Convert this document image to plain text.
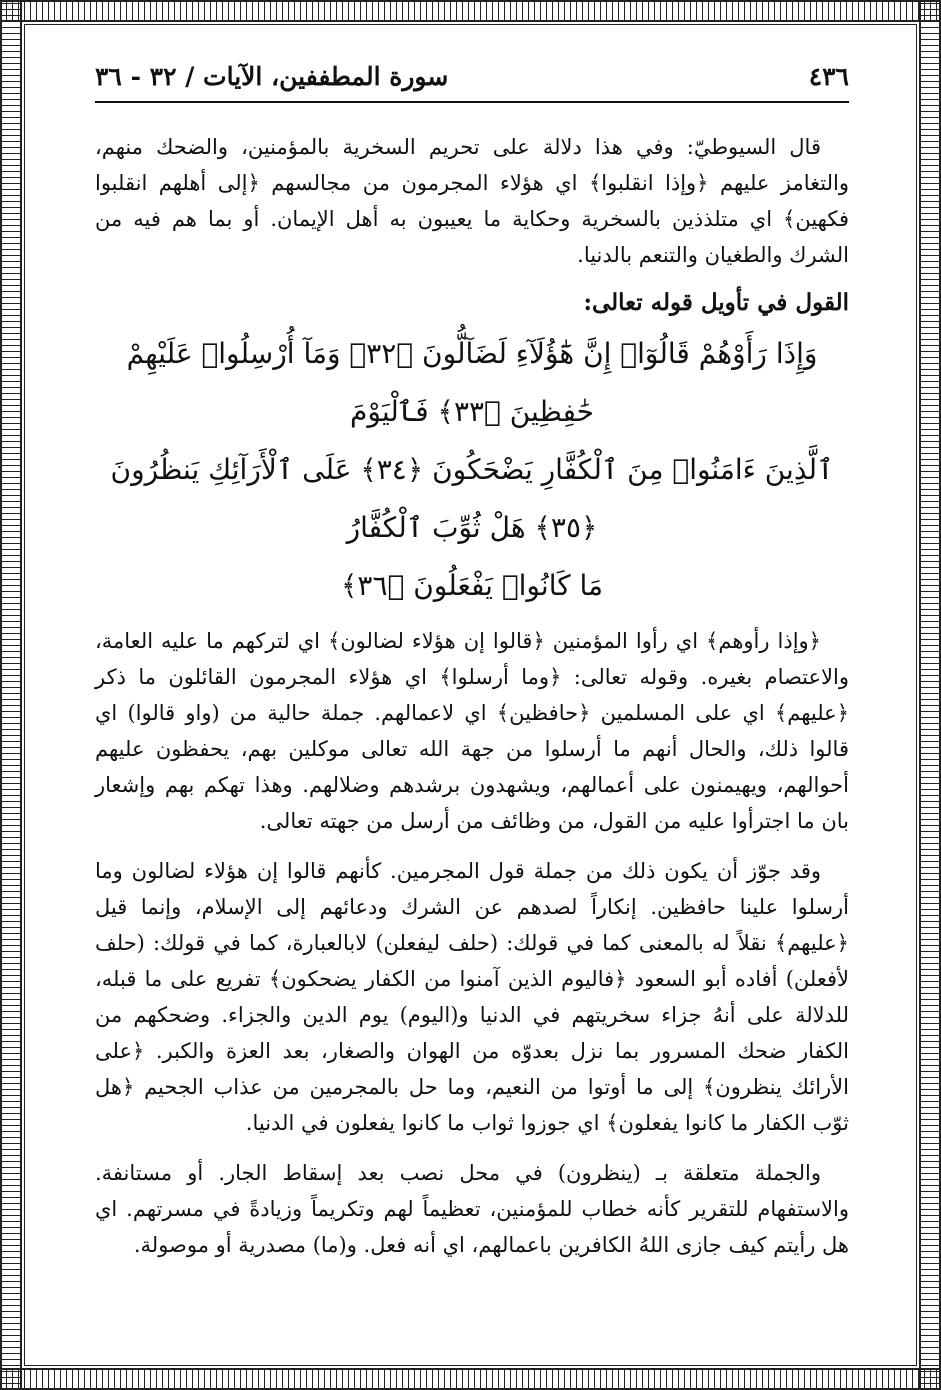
٤٣٦
سورة المطففين، الآيات / ٣٢ - ٣٦

قال السيوطيّ: وفي هذا دلالة على تحريم السخرية بالمؤمنين، والضحك منهم، والتغامز عليهم ﴿وإذا انقلبوا﴾ اي هؤلاء المجرمون من مجالسهم ﴿إلى أهلهم انقلبوا فكهين﴾ اي متلذذين بالسخرية وحكاية ما يعيبون به أهل الإيمان. أو بما هم فيه من الشرك والطغيان والتنعم بالدنيا.

القول في تأويل قوله تعالى:
وَإِذَا رَأَوْهُمْ قَالُوٓا۟ إِنَّ هَٰٓؤُلَآءِ لَضَآلُّونَ ﴿٣٢﴾ وَمَآ أُرْسِلُوا۟ عَلَيْهِمْ حَٰفِظِينَ ﴿٣٣﴾ فَٱلْيَوْمَ
ٱلَّذِينَ ءَامَنُوا۟ مِنَ ٱلْكُفَّارِ يَضْحَكُونَ ﴿٣٤﴾ عَلَى ٱلْأَرَآئِكِ يَنظُرُونَ ﴿٣٥﴾ هَلْ ثُوِّبَ ٱلْكُفَّارُ
مَا كَانُوا۟ يَفْعَلُونَ ﴿٣٦﴾

﴿وإذا رأوهم﴾ اي رأوا المؤمنين ﴿قالوا إن هؤلاء لضالون﴾ اي لتركهم ما عليه العامة، والاعتصام بغيره. وقوله تعالى: ﴿وما أرسلوا﴾ اي هؤلاء المجرمون القائلون ما ذكر ﴿عليهم﴾ اي على المسلمين ﴿حافظين﴾ اي لاعمالهم. جملة حالية من (واو قالوا) اي قالوا ذلك، والحال أنهم ما أرسلوا من جهة الله تعالى موكلين بهم، يحفظون عليهم أحوالهم، ويهيمنون على أعمالهم، ويشهدون برشدهم وضلالهم. وهذا تهكم بهم وإشعار بان ما اجترأوا عليه من القول، من وظائف من أرسل من جهته تعالى.

وقد جوّز أن يكون ذلك من جملة قول المجرمين. كأنهم قالوا إن هؤلاء لضالون وما أرسلوا علينا حافظين. إنكاراً لصدهم عن الشرك ودعائهم إلى الإسلام، وإنما قيل ﴿عليهم﴾ نقلاً له بالمعنى كما في قولك: (حلف ليفعلن) لابالعبارة، كما في قولك: (حلف لأفعلن) أفاده أبو السعود ﴿فاليوم الذين آمنوا من الكفار يضحكون﴾ تفريع على ما قبله، للدلالة على أنهُ جزاء سخريتهم في الدنيا و(اليوم) يوم الدين والجزاء. وضحكهم من الكفار ضحك المسرور بما نزل بعدوّه من الهوان والصغار، بعد العزة والكبر. ﴿على الأرائك ينظرون﴾ إلى ما أوتوا من النعيم، وما حل بالمجرمين من عذاب الجحيم ﴿هل ثوّب الكفار ما كانوا يفعلون﴾ اي جوزوا ثواب ما كانوا يفعلون في الدنيا.

والجملة متعلقة بـ (ينظرون) في محل نصب بعد إسقاط الجار. أو مستانفة. والاستفهام للتقرير كأنه خطاب للمؤمنين، تعظيماً لهم وتكريماً وزيادةً في مسرتهم. اي هل رأيتم كيف جازى اللهُ الكافرين باعمالهم، اي أنه فعل. و(ما) مصدرية أو موصولة.
